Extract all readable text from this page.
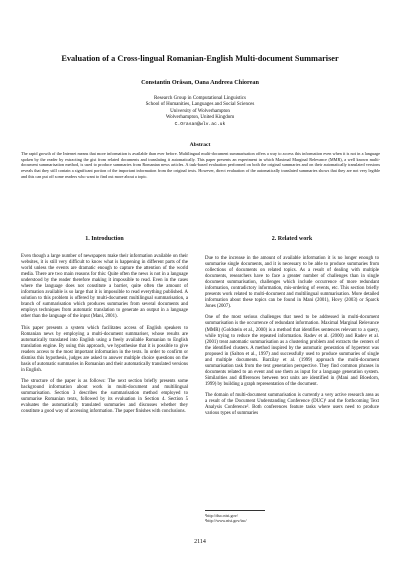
Evaluation of a Cross-lingual Romanian-English Multi-document Summariser
Constantin Orăsan, Oana Andreea Chiorean
Research Group in Computational Linguistics
School of Humanities, Languages and Social Sciences
University of Wolverhampton
Wolverhampton, United Kingdom
C.Orasan@wlv.ac.uk
Abstract
The rapid growth of the Internet means that more information is available than ever before. Multilingual multi-document summarisation offers a way to access this information even when it is not in a language spoken by the reader by extracting the gist from related documents and translating it automatically. This paper presents an experiment in which Maximal Marginal Relevance (MMR), a well known multi-document summarisation method, is used to produce summaries from Romanian news articles. A task-based evaluation performed on both the original summaries and on their automatically translated versions reveals that they still contain a significant portion of the important information from the original texts. However, direct evaluation of the automatically translated summaries shows that they are not very legible and this can put off some readers who want to find out more about a topic.
1. Introduction

Even though a large number of newspapers make their information available on their websites, it is still very difficult to know what is happening in different parts of the world unless the events are dramatic enough to capture the attention of the world media. There are two main reasons for this: Quite often the news is not in a language understood by the reader therefore making it impossible to read. Even in the cases where the language does not constitute a barrier, quite often the amount of information available is so large that it is impossible to read everything published. A solution to this problem is offered by multi-document multilingual summarisation, a branch of summarisation which produces summaries from several documents and employs techniques from automatic translation to generate an output in a language other than the language of the input (Mani, 2001).

This paper presents a system which facilitates access of English speakers to Romanian news by employing a multi-document summariser, whose results are automatically translated into English using a freely available Romanian to English translation engine. By using this approach, we hypothesise that it is possible to give readers access to the most important information in the texts. In order to confirm or dismiss this hypothesis, judges are asked to answer multiple choice questions on the basis of automatic summaries in Romanian and their automatically translated versions in English.

The structure of the paper is as follows: The next section briefly presents some background information about work in multi-document and multilingual summarisation. Section 3 describes the summarisation method employed to summarise Romanian texts, followed by its evaluation in Section 4. Section 5 evaluates the automatically translated summaries and discusses whether they constitute a good way of accessing information. The paper finishes with conclusions.

2. Related work

Due to the increase in the amount of available information it is no longer enough to summarise single documents, and it is necessary to be able to produce summaries from collections of documents on related topics. As a result of dealing with multiple documents, researchers have to face a greater number of challenges than in single document summarisation, challenges which include occurrence of more redundant information, contradictory information, mis-ordering of events, etc. This section briefly presents work related to multi-document and multilingual summarisation. More detailed information about these topics can be found in Mani (2001), Hovy (2003) or Sparck Jones (2007).

One of the most serious challenges that need to be addressed in multi-document summarisation is the occurrence of redundant information. Maximal Marginal Relevance (MMR) (Goldstein et al., 2000) is a method that identifies sentences relevant to a query, while trying to reduce the repeated information. Radev et al. (2000) and Radev et al. (2001) treat automatic summarisation as a clustering problem and extracts the centers of the identified clusters. A method inspired by the automatic generation of hypertext was proposed in (Salton et al., 1997) and successfully used to produce summaries of single and multiple documents. Barzilay et al. (1999) approach the multi-document summarisation task from the text generation perspective. They find common phrases in documents related to an event and use them as input for a language generation system. Similarities and differences between text units are identified in (Mani and Bloedorn, 1999) by building a graph representation of the document.

The domain of multi-document summarisation is currently a very active research area as a result of the Document Understanding Conference (DUC)¹ and the forthcoming Text Analysis Conference². Both conferences feature tasks where users need to produce various types of summaries

¹http://duc.nist.gov/
²http://www.nist.gov/tac/
2114
